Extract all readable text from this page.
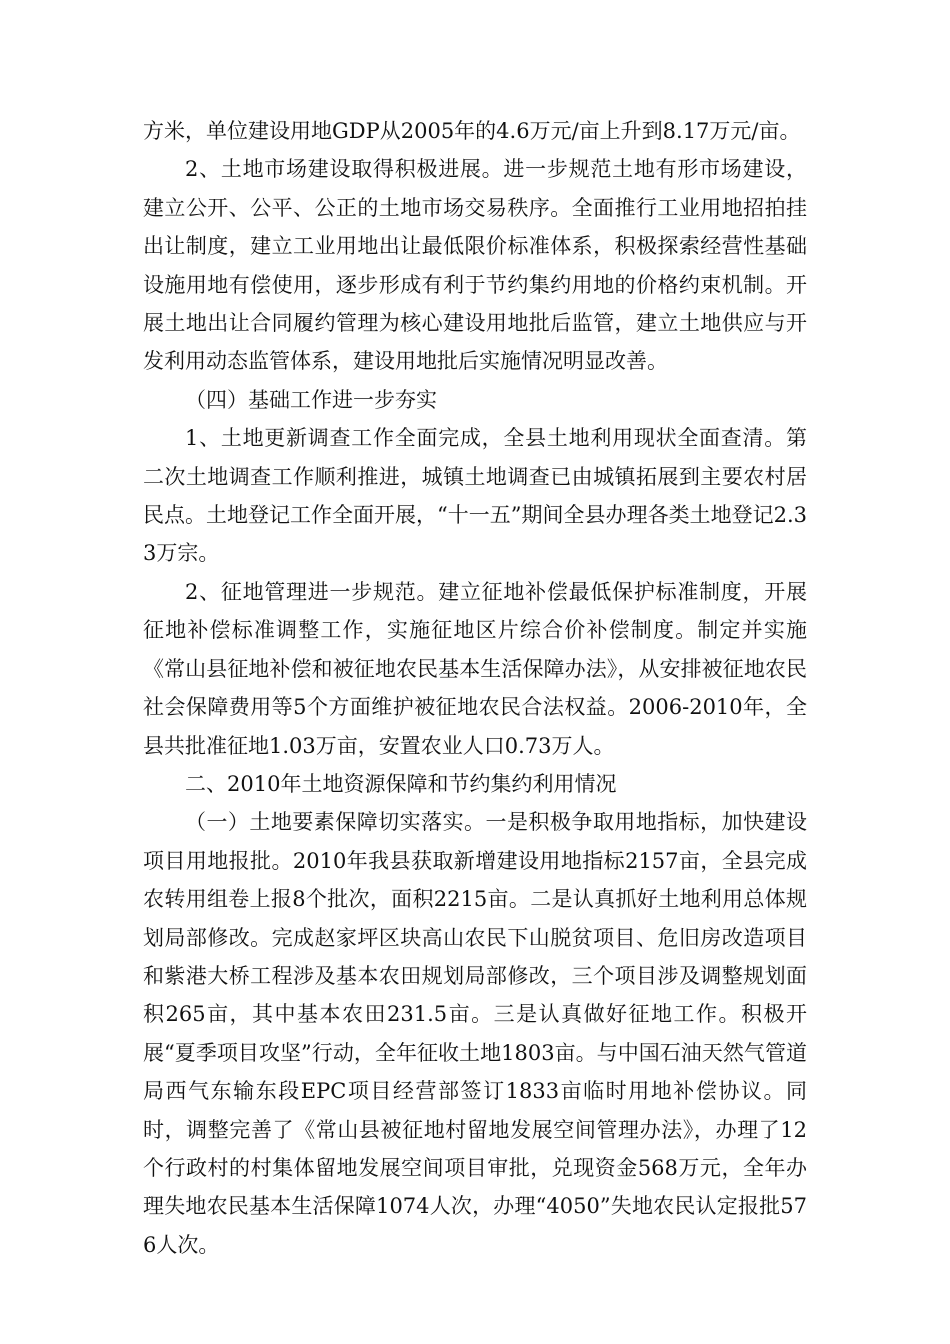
方米，单位建设用地GDP从2005年的4.6万元/亩上升到8.17万元/亩。

2、土地市场建设取得积极进展。进一步规范土地有形市场建设，建立公开、公平、公正的土地市场交易秩序。全面推行工业用地招拍挂出让制度，建立工业用地出让最低限价标准体系，积极探索经营性基础设施用地有偿使用，逐步形成有利于节约集约用地的价格约束机制。开展土地出让合同履约管理为核心建设用地批后监管，建立土地供应与开发利用动态监管体系，建设用地批后实施情况明显改善。

（四）基础工作进一步夯实

1、土地更新调查工作全面完成，全县土地利用现状全面查清。第二次土地调查工作顺利推进，城镇土地调查已由城镇拓展到主要农村居民点。土地登记工作全面开展，“十一五”期间全县办理各类土地登记2.33万宗。

2、征地管理进一步规范。建立征地补偿最低保护标准制度，开展征地补偿标准调整工作，实施征地区片综合价补偿制度。制定并实施《常山县征地补偿和被征地农民基本生活保障办法》，从安排被征地农民社会保障费用等5个方面维护被征地农民合法权益。2006-2010年，全县共批准征地1.03万亩，安置农业人口0.73万人。

二、2010年土地资源保障和节约集约利用情况

（一）土地要素保障切实落实。一是积极争取用地指标，加快建设项目用地报批。2010年我县获取新增建设用地指标2157亩，全县完成农转用组卷上报8个批次，面积2215亩。二是认真抓好土地利用总体规划局部修改。完成赵家坪区块高山农民下山脱贫项目、危旧房改造项目和紫港大桥工程涉及基本农田规划局部修改，三个项目涉及调整规划面积265亩，其中基本农田231.5亩。三是认真做好征地工作。积极开展“夏季项目攻坚”行动，全年征收土地1803亩。与中国石油天然气管道局西气东输东段EPC项目经营部签订1833亩临时用地补偿协议。同时，调整完善了《常山县被征地村留地发展空间管理办法》，办理了12个行政村的村集体留地发展空间项目审批，兑现资金568万元，全年办理失地农民基本生活保障1074人次，办理“4050”失地农民认定报批576人次。
